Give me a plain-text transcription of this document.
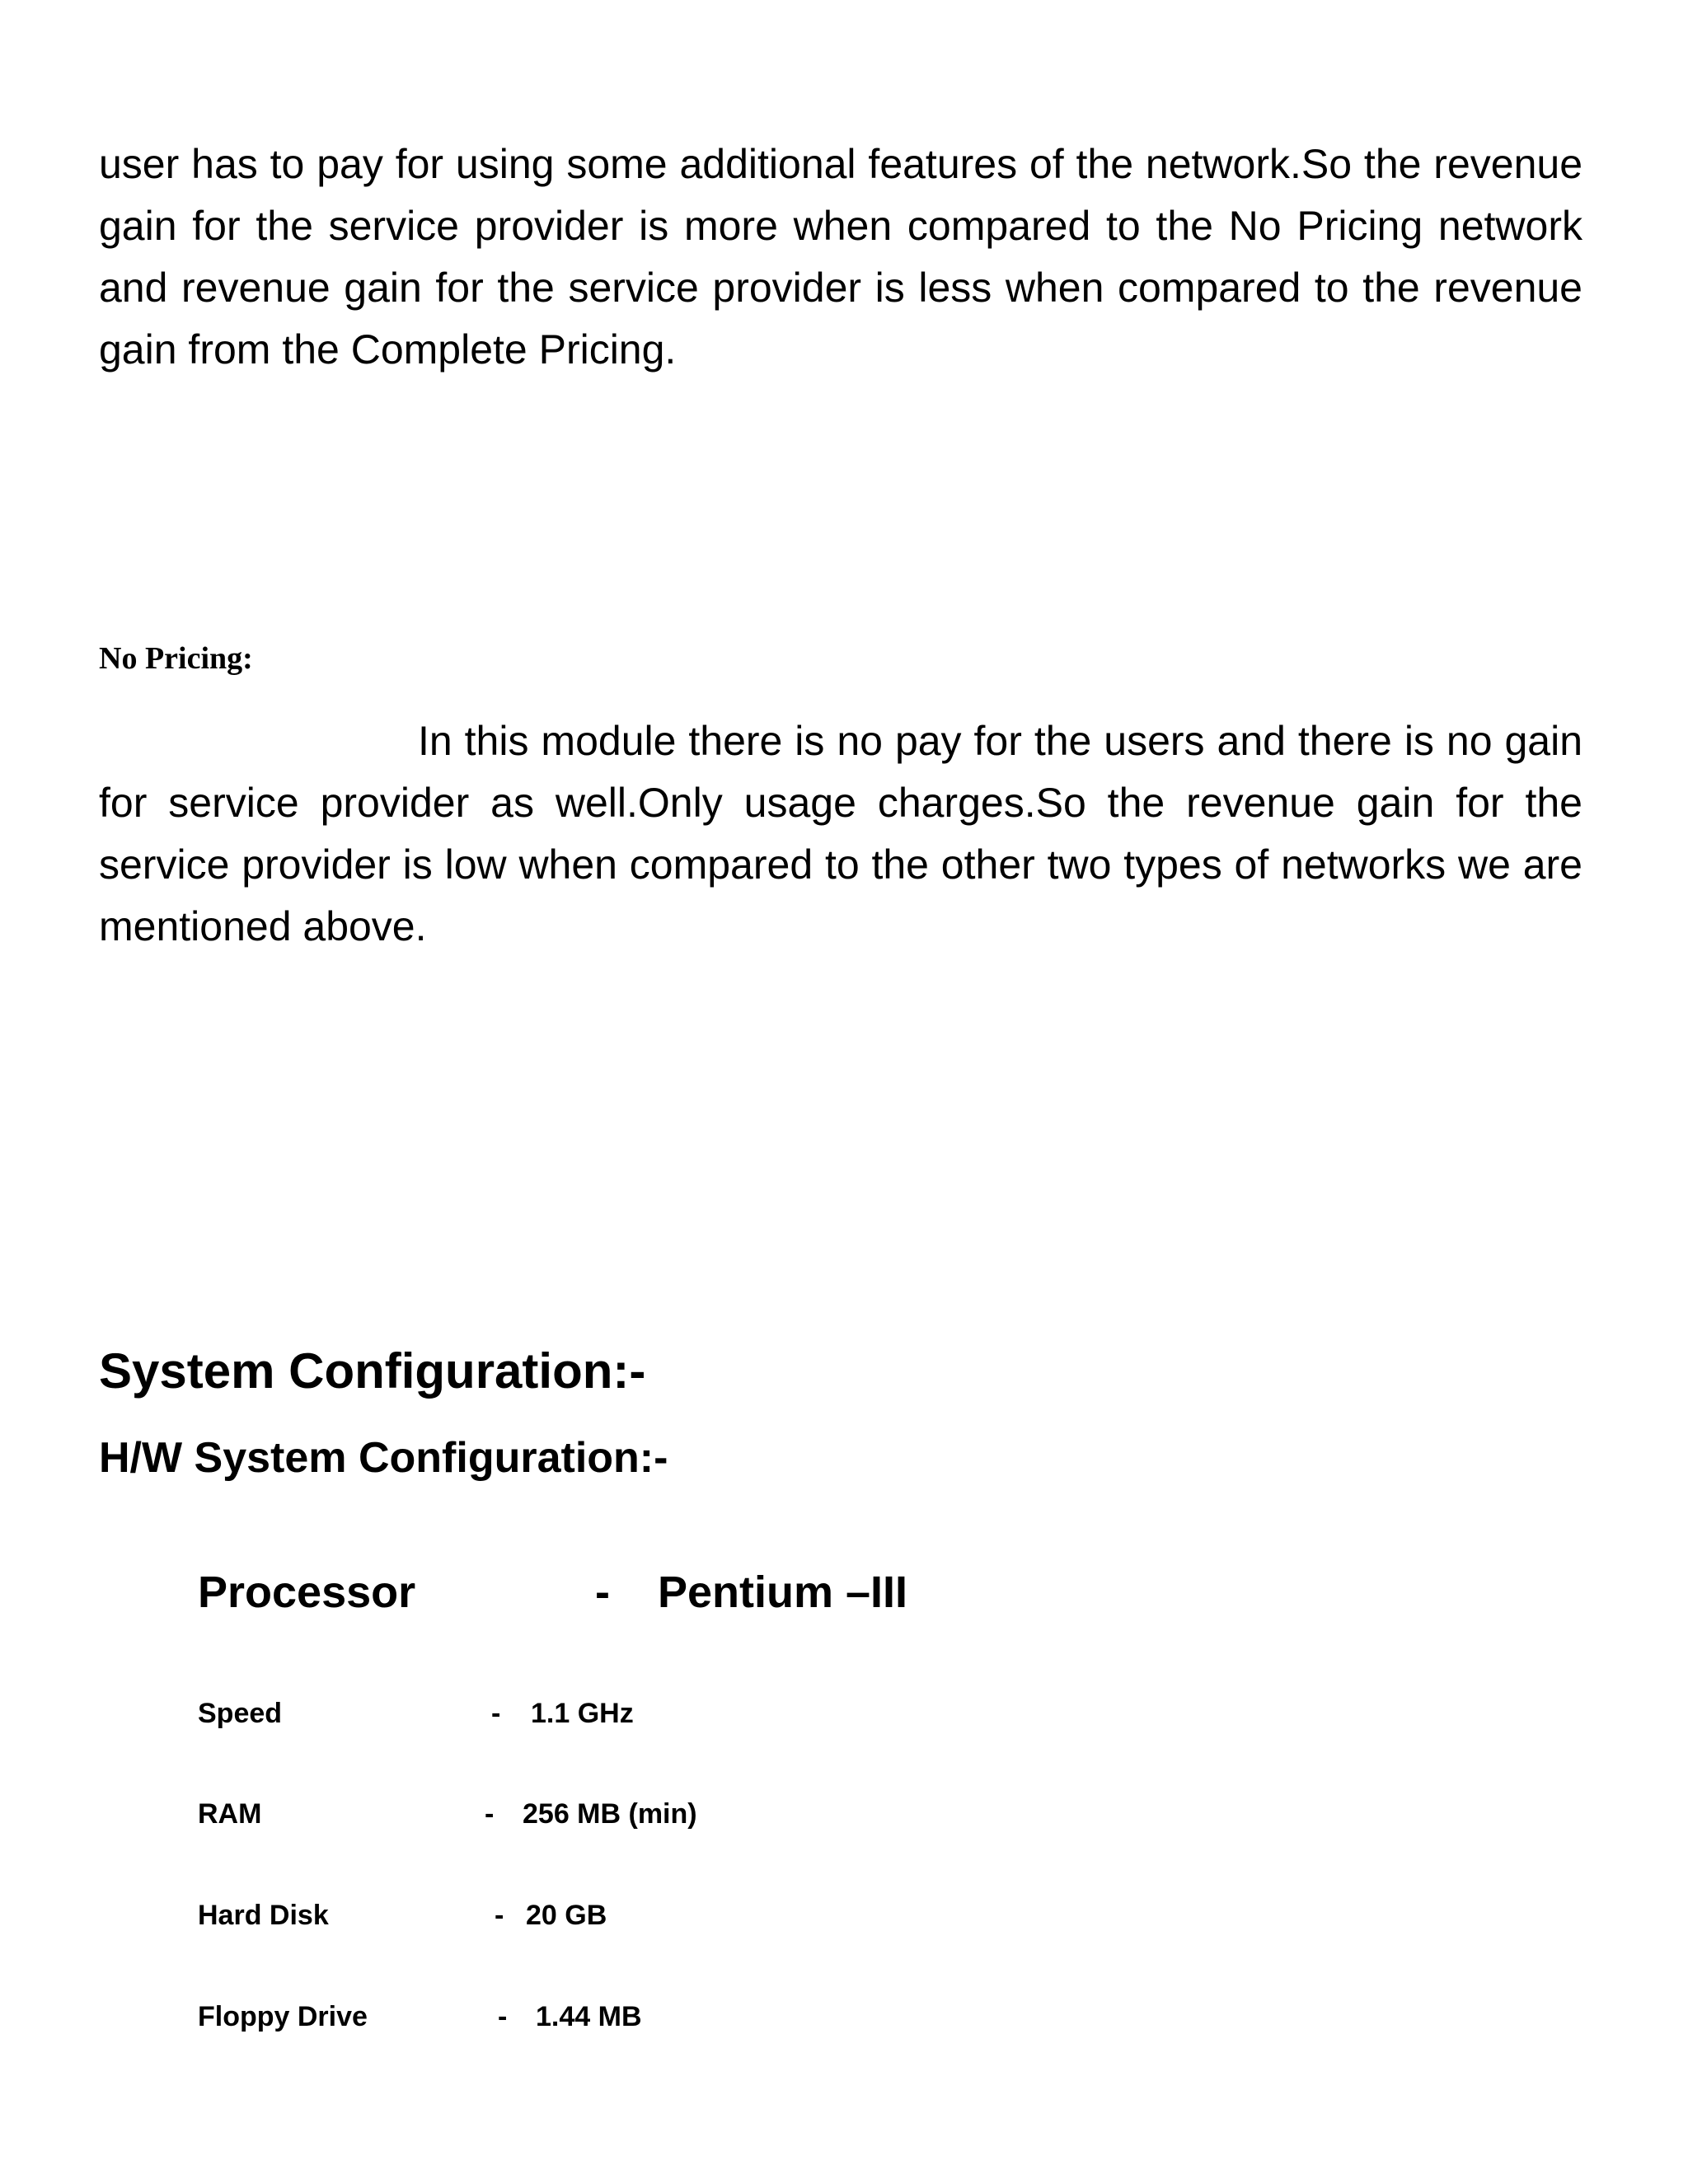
user has to pay for using some additional features of the network.So the revenue gain for the service provider is more when compared to the No Pricing network and revenue gain for the service provider is less when compared to the revenue gain from the Complete Pricing.

No Pricing:

In this module there is no pay for the users and there is no gain for service provider as well.Only usage charges.So the revenue gain for the service provider is low when compared to the other two types of networks we are mentioned above.

System Configuration:-
H/W System Configuration:-
Processor	- Pentium –III
Speed	- 1.1 GHz
RAM	- 256 MB (min)
Hard Disk	- 20 GB
Floppy Drive	- 1.44 MB
